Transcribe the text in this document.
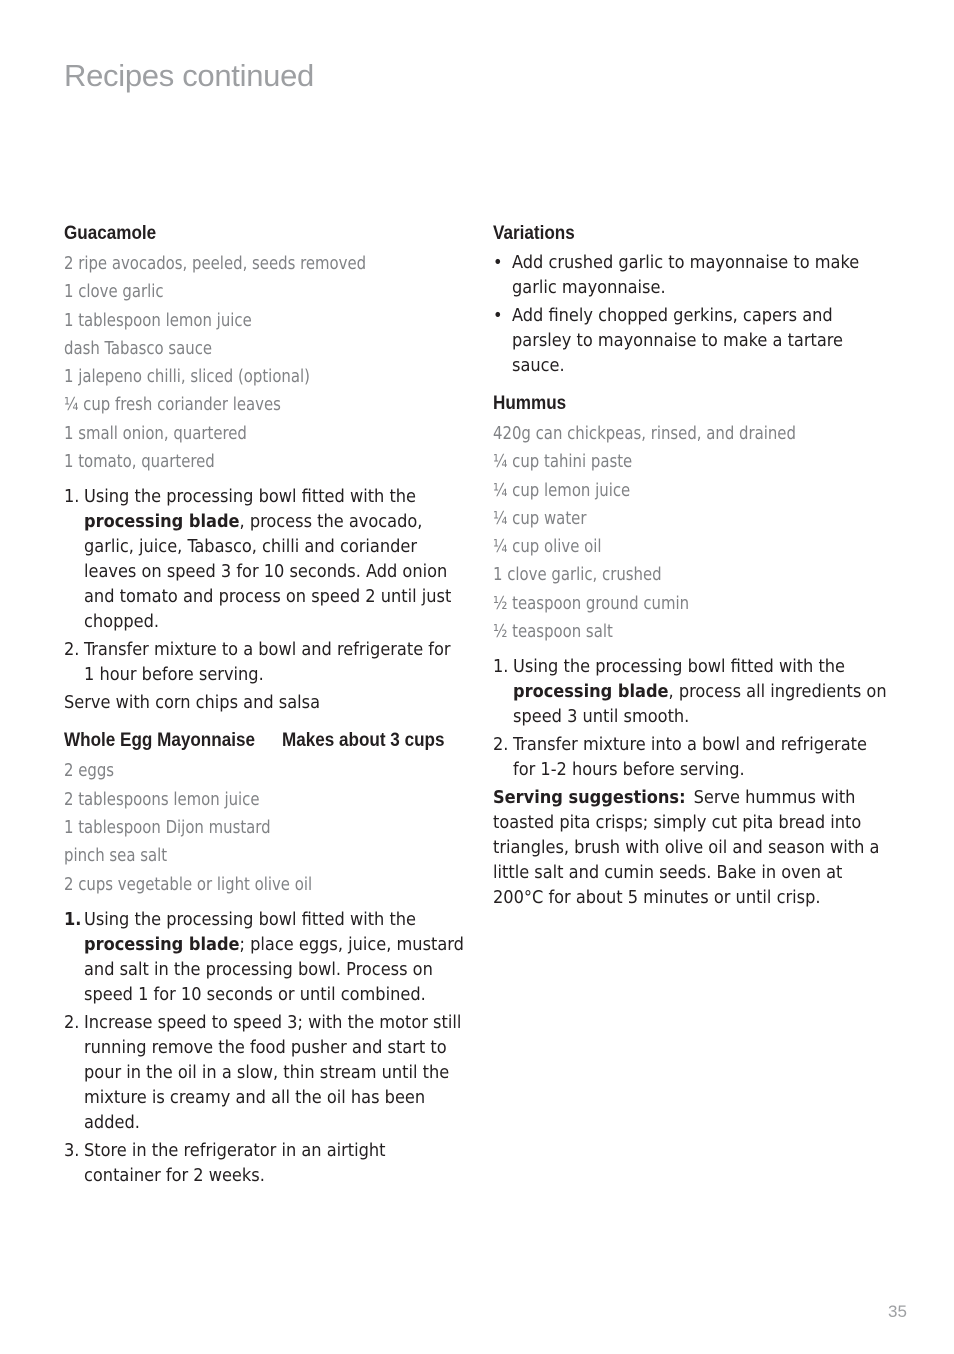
Recipes continued
Guacamole
2 ripe avocados, peeled, seeds removed
1 clove garlic
1 tablespoon lemon juice
dash Tabasco sauce
1 jalepeno chilli, sliced (optional)
¼ cup fresh coriander leaves
1 small onion, quartered
1 tomato, quartered
1. Using the processing bowl fitted with the processing blade, process the avocado, garlic, juice, Tabasco, chilli and coriander leaves on speed 3 for 10 seconds. Add onion and tomato and process on speed 2 until just chopped.
2. Transfer mixture to a bowl and refrigerate for 1 hour before serving.

Serve with corn chips and salsa

Whole Egg Mayonnaise Makes about 3 cups
2 eggs
2 tablespoons lemon juice
1 tablespoon Dijon mustard
pinch sea salt
2 cups vegetable or light olive oil
1. Using the processing bowl fitted with the processing blade; place eggs, juice, mustard and salt in the processing bowl. Process on speed 1 for 10 seconds or until combined.
2. Increase speed to speed 3; with the motor still running remove the food pusher and start to pour in the oil in a slow, thin stream until the mixture is creamy and all the oil has been added.
3. Store in the refrigerator in an airtight container for 2 weeks.
Variations
• Add crushed garlic to mayonnaise to make garlic mayonnaise.
• Add finely chopped gerkins, capers and parsley to mayonnaise to make a tartare sauce.
Hummus
420g can chickpeas, rinsed, and drained
¼ cup tahini paste
¼ cup lemon juice
¼ cup water
¼ cup olive oil
1 clove garlic, crushed
½ teaspoon ground cumin
½ teaspoon salt
1. Using the processing bowl fitted with the processing blade, process all ingredients on speed 3 until smooth.
2. Transfer mixture into a bowl and refrigerate for 1-2 hours before serving.

Serving suggestions: Serve hummus with toasted pita crisps; simply cut pita bread into triangles, brush with olive oil and season with a little salt and cumin seeds. Bake in oven at 200°C for about 5 minutes or until crisp.

35
